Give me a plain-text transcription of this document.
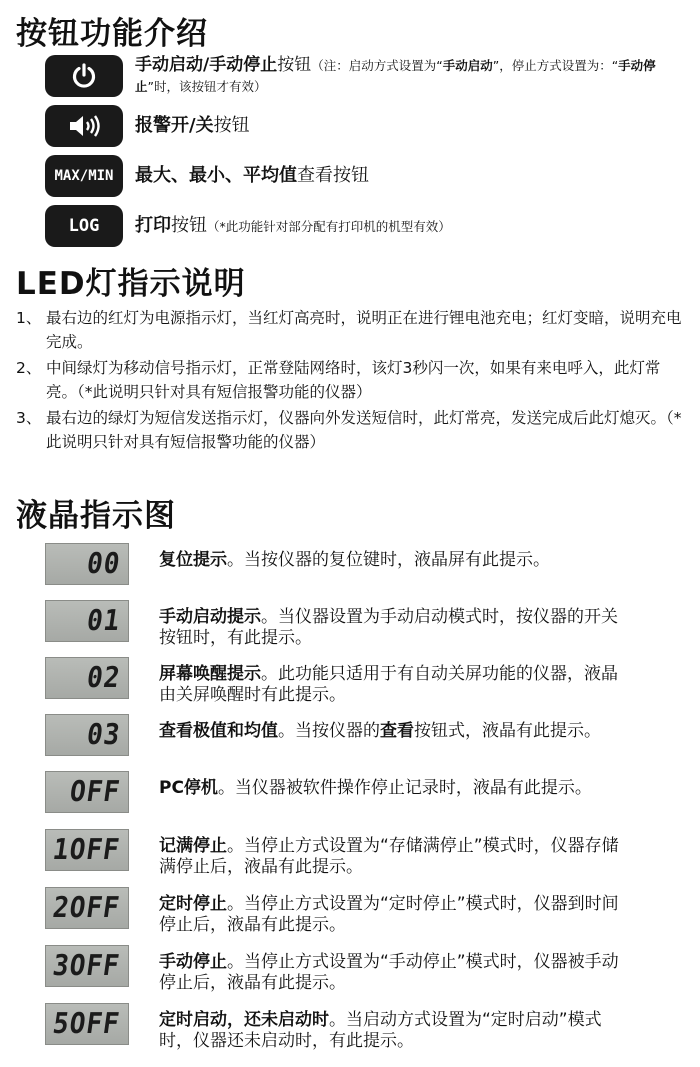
按钮功能介绍
手动启动/手动停止按钮（注：启动方式设置为“手动启动”，停止方式设置为：“手动停止”时，该按钮才有效）
报警开/关按钮
MAX/MIN 最大、最小、平均值查看按钮
LOG 打印按钮（*此功能针对部分配有打印机的机型有效）
LED灯指示说明
1、 最右边的红灯为电源指示灯，当红灯高亮时，说明正在进行锂电池充电；红灯变暗，说明充电完成。
2、 中间绿灯为移动信号指示灯，正常登陆网络时，该灯3秒闪一次，如果有来电呼入，此灯常亮。（*此说明只针对具有短信报警功能的仪器）
3、 最右边的绿灯为短信发送指示灯，仪器向外发送短信时，此灯常亮，发送完成后此灯熄灭。（*此说明只针对具有短信报警功能的仪器）
液晶指示图
00 复位提示。当按仪器的复位键时，液晶屏有此提示。
01 手动启动提示。当仪器设置为手动启动模式时，按仪器的开关按钮时，有此提示。
02 屏幕唤醒提示。此功能只适用于有自动关屏功能的仪器，液晶由关屏唤醒时有此提示。
03 查看极值和均值。当按仪器的查看按钮式，液晶有此提示。
OFF PC停机。当仪器被软件操作停止记录时，液晶有此提示。
1OFF 记满停止。当停止方式设置为“存储满停止”模式时，仪器存储满停止后，液晶有此提示。
2OFF 定时停止。当停止方式设置为“定时停止”模式时，仪器到时间停止后，液晶有此提示。
3OFF 手动停止。当停止方式设置为“手动停止”模式时，仪器被手动停止后，液晶有此提示。
5OFF 定时启动，还未启动时。当启动方式设置为“定时启动”模式时，仪器还未启动时，有此提示。
